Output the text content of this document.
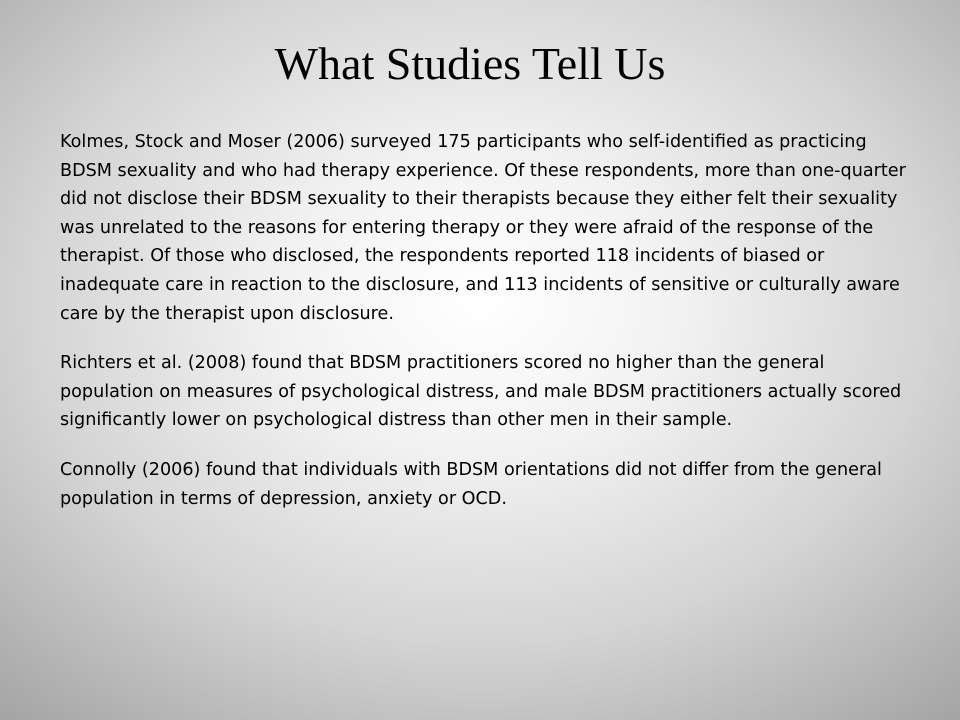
What Studies Tell Us

Kolmes, Stock and Moser (2006) surveyed 175 participants who self-identified as practicing BDSM sexuality and who had therapy experience. Of these respondents, more than one-quarter did not disclose their BDSM sexuality to their therapists because they either felt their sexuality was unrelated to the reasons for entering therapy or they were afraid of the response of the therapist. Of those who disclosed, the respondents reported 118 incidents of biased or inadequate care in reaction to the disclosure, and 113 incidents of sensitive or culturally aware care by the therapist upon disclosure.

Richters et al. (2008) found that BDSM practitioners scored no higher than the general population on measures of psychological distress, and male BDSM practitioners actually scored significantly lower on psychological distress than other men in their sample.

Connolly (2006) found that individuals with BDSM orientations did not differ from the general population in terms of depression, anxiety or OCD.
